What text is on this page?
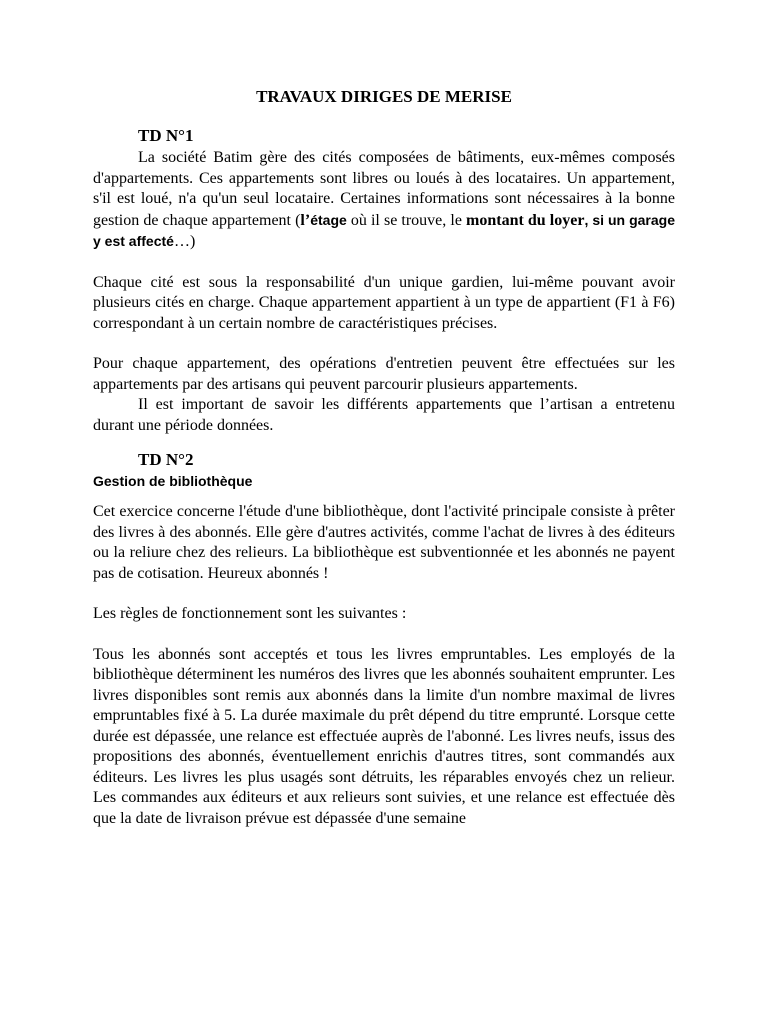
TRAVAUX DIRIGES DE MERISE
TD N°1

La société Batim gère des cités composées de bâtiments, eux-mêmes composés d'appartements. Ces appartements sont libres ou loués à des locataires. Un appartement, s'il est loué, n'a qu'un seul locataire. Certaines informations sont nécessaires à la bonne gestion de chaque appartement (l’étage où il se trouve, le montant du loyer, si un garage y est affecté…)

Chaque cité est sous la responsabilité d'un unique gardien, lui-même pouvant avoir plusieurs cités en charge. Chaque appartement appartient à un type de appartient (F1 à F6) correspondant à un certain nombre de caractéristiques précises.

Pour chaque appartement, des opérations d'entretien peuvent être effectuées sur les appartements par des artisans qui peuvent parcourir plusieurs appartements.

Il est important de savoir les différents appartements que l’artisan a entretenu durant une période données.

TD N°2
Gestion de bibliothèque

Cet exercice concerne l'étude d'une bibliothèque, dont l'activité principale consiste à prêter des livres à des abonnés. Elle gère d'autres activités, comme l'achat de livres à des éditeurs ou la reliure chez des relieurs. La bibliothèque est subventionnée et les abonnés ne payent pas de cotisation. Heureux abonnés !

Les règles de fonctionnement sont les suivantes :

Tous les abonnés sont acceptés et tous les livres empruntables. Les employés de la bibliothèque déterminent les numéros des livres que les abonnés souhaitent emprunter. Les livres disponibles sont remis aux abonnés dans la limite d'un nombre maximal de livres empruntables fixé à 5. La durée maximale du prêt dépend du titre emprunté. Lorsque cette durée est dépassée, une relance est effectuée auprès de l'abonné. Les livres neufs, issus des propositions des abonnés, éventuellement enrichis d'autres titres, sont commandés aux éditeurs. Les livres les plus usagés sont détruits, les réparables envoyés chez un relieur. Les commandes aux éditeurs et aux relieurs sont suivies, et une relance est effectuée dès que la date de livraison prévue est dépassée d'une semaine
